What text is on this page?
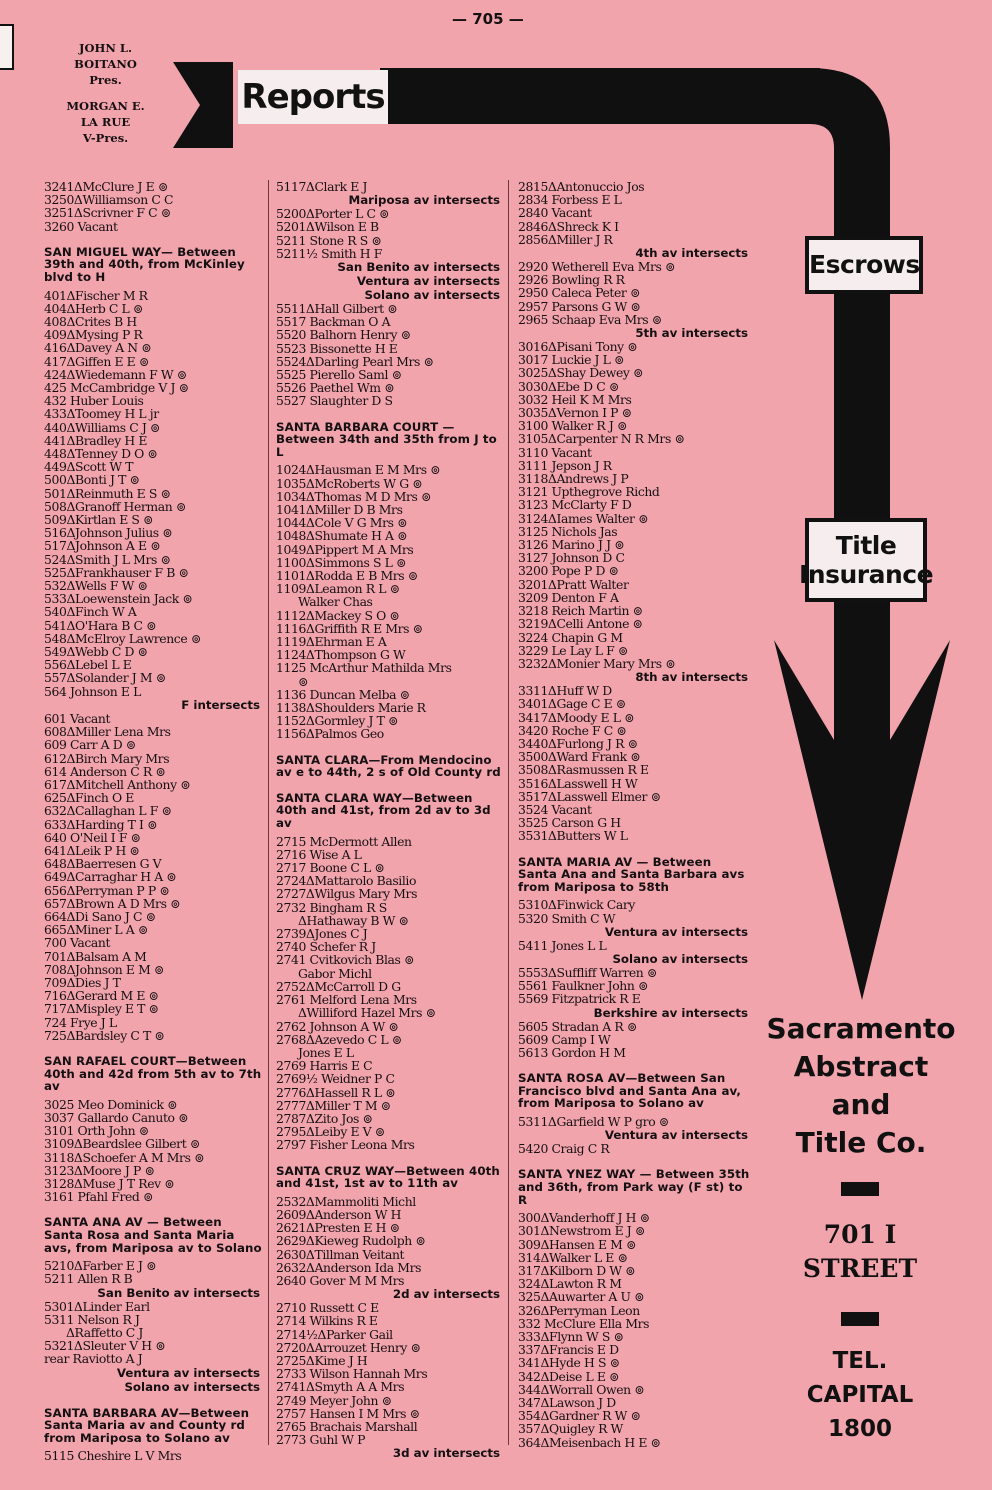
— 705 —
JOHN L. BOITANO
Pres.
MORGAN E. LA RUE
V-Pres.
Reports
Escrows
Title Insurance
Sacramento
Abstract
and
Title Co.
701 I
STREET
TEL.
CAPITAL
1800
3241ΔMcClure J E ⊚
3250ΔWilliamson C C
3251ΔScrivner F C ⊚
3260 Vacant
SAN MIGUEL WAY— Between 39th and 40th, from McKinley blvd to H
401ΔFischer M R
404ΔHerb C L ⊚
408ΔCrites B H
409ΔMysing P R
416ΔDavey A N ⊚
417ΔGiffen E E ⊚
424ΔWiedemann F W ⊚
425 McCambridge V J ⊚
432 Huber Louis
433ΔToomey H L jr
440ΔWilliams C J ⊚
441ΔBradley H E
448ΔTenney D O ⊚
449ΔScott W T
500ΔBonti J T ⊚
501ΔReinmuth E S ⊚
508ΔGranoff Herman ⊚
509ΔKirtlan E S ⊚
516ΔJohnson Julius ⊚
517ΔJohnson A E ⊚
524ΔSmith J L Mrs ⊚
525ΔFrankhauser F B ⊚
532ΔWells F W ⊚
533ΔLoewenstein Jack ⊚
540ΔFinch W A
541ΔO'Hara B C ⊚
548ΔMcElroy Lawrence ⊚
549ΔWebb C D ⊚
556ΔLebel L E
557ΔSolander J M ⊚
564 Johnson E L
F intersects
601 Vacant
608ΔMiller Lena Mrs
609 Carr A D ⊚
612ΔBirch Mary Mrs
614 Anderson C R ⊚
617ΔMitchell Anthony ⊚
625ΔFinch O E
632ΔCallaghan L F ⊚
633ΔHarding T I ⊚
640 O'Neil I F ⊚
641ΔLeik P H ⊚
648ΔBaerresen G V
649ΔCarraghar H A ⊚
656ΔPerryman P P ⊚
657ΔBrown A D Mrs ⊚
664ΔDi Sano J C ⊚
665ΔMiner L A ⊚
700 Vacant
701ΔBalsam A M
708ΔJohnson E M ⊚
709ΔDies J T
716ΔGerard M E ⊚
717ΔMispley E T ⊚
724 Frye J L
725ΔBardsley C T ⊚
SAN RAFAEL COURT—Between 40th and 42d from 5th av to 7th av
3025 Meo Dominick ⊚
3037 Gallardo Canuto ⊚
3101 Orth John ⊚
3109ΔBeardslee Gilbert ⊚
3118ΔSchoefer A M Mrs ⊚
3123ΔMoore J P ⊚
3128ΔMuse J T Rev ⊚
3161 Pfahl Fred ⊚
SANTA ANA AV — Between Santa Rosa and Santa Maria avs, from Mariposa av to Solano
5210ΔFarber E J ⊚
5211 Allen R B
San Benito av intersects
5301ΔLinder Earl
5311 Nelson R J
ΔRaffetto C J
5321ΔSleuter V H ⊚
rear Raviotto A J
Ventura av intersects
Solano av intersects
SANTA BARBARA AV—Between Santa Maria av and County rd from Mariposa to Solano av
5115 Cheshire L V Mrs
5117ΔClark E J
Mariposa av intersects
5200ΔPorter L C ⊚
5201ΔWilson E B
5211 Stone R S ⊚
5211½ Smith H F
San Benito av intersects
Ventura av intersects
Solano av intersects
5511ΔHall Gilbert ⊚
5517 Backman O A
5520 Balhorn Henry ⊚
5523 Bissonette H E
5524ΔDarling Pearl Mrs ⊚
5525 Pierello Saml ⊚
5526 Paethel Wm ⊚
5527 Slaughter D S
SANTA BARBARA COURT —Between 34th and 35th from J to L
1024ΔHausman E M Mrs ⊚
1035ΔMcRoberts W G ⊚
1034ΔThomas M D Mrs ⊚
1041ΔMiller D B Mrs
1044ΔCole V G Mrs ⊚
1048ΔShumate H A ⊚
1049ΔPippert M A Mrs
1100ΔSimmons S L ⊚
1101ΔRodda E B Mrs ⊚
1109ΔLeamon R L ⊚
Walker Chas
1112ΔMackey S O ⊚
1116ΔGriffith R E Mrs ⊚
1119ΔEhrman E A
1124ΔThompson G W
1125 McArthur Mathilda Mrs
⊚
1136 Duncan Melba ⊚
1138ΔShoulders Marie R
1152ΔGormley J T ⊚
1156ΔPalmos Geo
SANTA CLARA—From Mendocino av e to 44th, 2 s of Old County rd
SANTA CLARA WAY—Between 40th and 41st, from 2d av to 3d av
2715 McDermott Allen
2716 Wise A L
2717 Boone C L ⊚
2724ΔMattarolo Basilio
2727ΔWilgus Mary Mrs
2732 Bingham R S
ΔHathaway B W ⊚
2739ΔJones C J
2740 Schefer R J
2741 Cvitkovich Blas ⊚
Gabor Michl
2752ΔMcCarroll D G
2761 Melford Lena Mrs
ΔWilliford Hazel Mrs ⊚
2762 Johnson A W ⊚
2768ΔAzevedo C L ⊚
Jones E L
2769 Harris E C
2769½ Weidner P C
2776ΔHassell R L ⊚
2777ΔMiller T M ⊚
2787ΔZito Jos ⊚
2795ΔLeiby E V ⊚
2797 Fisher Leona Mrs
SANTA CRUZ WAY—Between 40th and 41st, 1st av to 11th av
2532ΔMammoliti Michl
2609ΔAnderson W H
2621ΔPresten E H ⊚
2629ΔKieweg Rudolph ⊚
2630ΔTillman Veitant
2632ΔAnderson Ida Mrs
2640 Gover M M Mrs
2d av intersects
2710 Russett C E
2714 Wilkins R E
2714½ΔParker Gail
2720ΔArrouzet Henry ⊚
2725ΔKime J H
2733 Wilson Hannah Mrs
2741ΔSmyth A A Mrs
2749 Meyer John ⊚
2757 Hansen I M Mrs ⊚
2765 Brachais Marshall
2773 Guhl W P
3d av intersects
2815ΔAntonuccio Jos
2834 Forbess E L
2840 Vacant
2846ΔShreck K I
2856ΔMiller J R
4th av intersects
2920 Wetherell Eva Mrs ⊚
2926 Bowling R R
2950 Caleca Peter ⊚
2957 Parsons G W ⊚
2965 Schaap Eva Mrs ⊚
5th av intersects
3016ΔPisani Tony ⊚
3017 Luckie J L ⊚
3025ΔShay Dewey ⊚
3030ΔEbe D C ⊚
3032 Heil K M Mrs
3035ΔVernon I P ⊚
3100 Walker R J ⊚
3105ΔCarpenter N R Mrs ⊚
3110 Vacant
3111 Jepson J R
3118ΔAndrews J P
3121 Upthegrove Richd
3123 McClarty F D
3124ΔIames Walter ⊚
3125 Nichols Jas
3126 Marino J J ⊚
3127 Johnson D C
3200 Pope P D ⊚
3201ΔPratt Walter
3209 Denton F A
3218 Reich Martin ⊚
3219ΔCelli Antone ⊚
3224 Chapin G M
3229 Le Lay L F ⊚
3232ΔMonier Mary Mrs ⊚
8th av intersects
3311ΔHuff W D
3401ΔGage C E ⊚
3417ΔMoody E L ⊚
3420 Roche F C ⊚
3440ΔFurlong J R ⊚
3500ΔWard Frank ⊚
3508ΔRasmussen R E
3516ΔLasswell H W
3517ΔLasswell Elmer ⊚
3524 Vacant
3525 Carson G H
3531ΔButters W L
SANTA MARIA AV — Between Santa Ana and Santa Barbara avs from Mariposa to 58th
5310ΔFinwick Cary
5320 Smith C W
Ventura av intersects
5411 Jones L L
Solano av intersects
5553ΔSuffliff Warren ⊚
5561 Faulkner John ⊚
5569 Fitzpatrick R E
Berkshire av intersects
5605 Stradan A R ⊚
5609 Camp I W
5613 Gordon H M
SANTA ROSA AV—Between San Francisco blvd and Santa Ana av, from Mariposa to Solano av
5311ΔGarfield W P gro ⊚
Ventura av intersects
5420 Craig C R
SANTA YNEZ WAY — Between 35th and 36th, from Park way (F st) to R
300ΔVanderhoff J H ⊚
301ΔNewstrom E J ⊚
309ΔHansen E M ⊚
314ΔWalker L E ⊚
317ΔKilborn D W ⊚
324ΔLawton R M
325ΔAuwarter A U ⊚
326ΔPerryman Leon
332 McClure Ella Mrs
333ΔFlynn W S ⊚
337ΔFrancis E D
341ΔHyde H S ⊚
342ΔDeise L E ⊚
344ΔWorrall Owen ⊚
347ΔLawson J D
354ΔGardner R W ⊚
357ΔQuigley R W
364ΔMeisenbach H E ⊚
